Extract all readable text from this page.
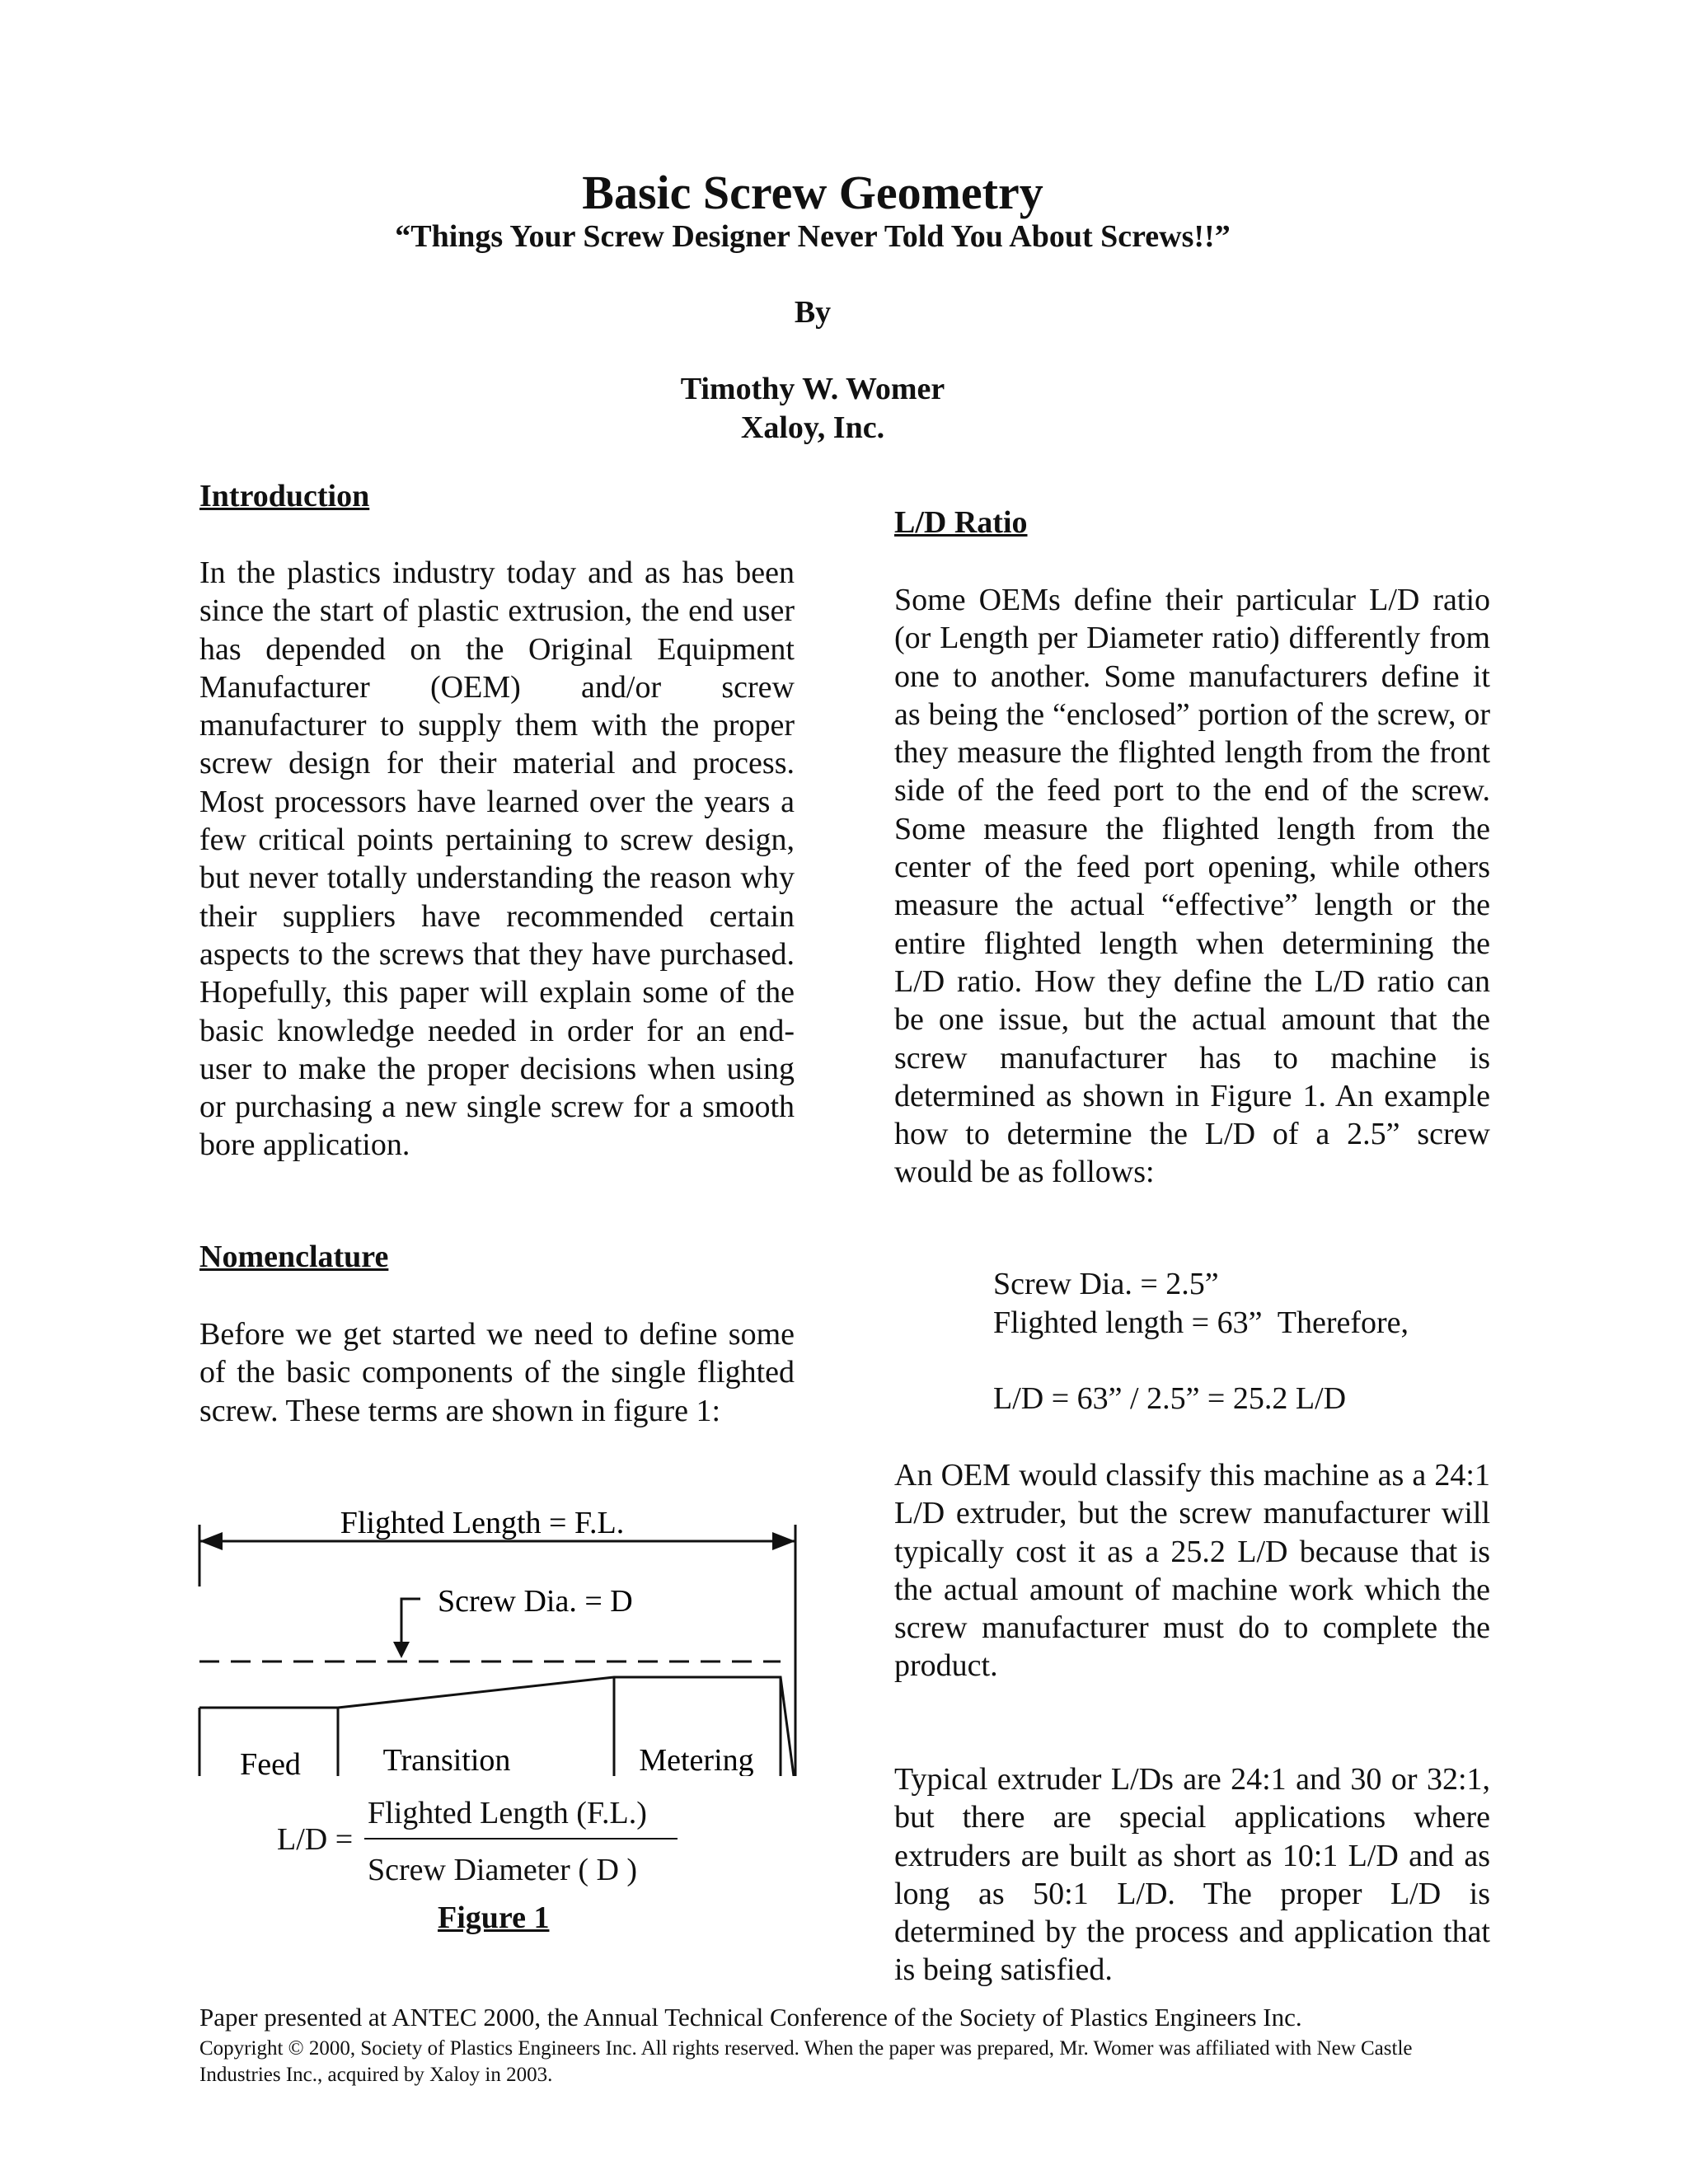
Basic Screw Geometry
“Things Your Screw Designer Never Told You About Screws!!”
By
Timothy W. Womer
Xaloy, Inc.
Introduction
In the plastics industry today and as has been since the start of plastic extrusion, the end user has depended on the Original Equipment Manufacturer (OEM) and/or screw manufacturer to supply them with the proper screw design for their material and process. Most processors have learned over the years a few critical points pertaining to screw design, but never totally understanding the reason why their suppliers have recommended certain aspects to the screws that they have purchased. Hopefully, this paper will explain some of the basic knowledge needed in order for an end-user to make the proper decisions when using or purchasing a new single screw for a smooth bore application.
Nomenclature
Before we get started we need to define some of the basic components of the single flighted screw. These terms are shown in figure 1:
Flighted Length = F.L.
Screw Dia. = D
Feed	Transition	Metering
L/D =
Flighted Length (F.L.)
Screw Diameter ( D )
Figure 1
L/D Ratio
Some OEMs define their particular L/D ratio (or Length per Diameter ratio) differently from one to another. Some manufacturers define it as being the “enclosed” portion of the screw, or they measure the flighted length from the front side of the feed port to the end of the screw. Some measure the flighted length from the center of the feed port opening, while others measure the actual “effective” length or the entire flighted length when determining the L/D ratio. How they define the L/D ratio can be one issue, but the actual amount that the screw manufacturer has to machine is determined as shown in Figure 1. An example how to determine the L/D of a 2.5” screw would be as follows:
Screw Dia. = 2.5”
Flighted length = 63”  Therefore,
L/D = 63” / 2.5” = 25.2 L/D
An OEM would classify this machine as a 24:1 L/D extruder, but the screw manufacturer will typically cost it as a 25.2 L/D because that is the actual amount of machine work which the screw manufacturer must do to complete the product.
Typical extruder L/Ds are 24:1 and 30 or 32:1, but there are special applications where extruders are built as short as 10:1 L/D and as long as 50:1 L/D. The proper L/D is determined by the process and application that is being satisfied.
Paper presented at ANTEC 2000, the Annual Technical Conference of the Society of Plastics Engineers Inc.
Copyright © 2000, Society of Plastics Engineers Inc. All rights reserved. When the paper was prepared, Mr. Womer was affiliated with New Castle Industries Inc., acquired by Xaloy in 2003.
